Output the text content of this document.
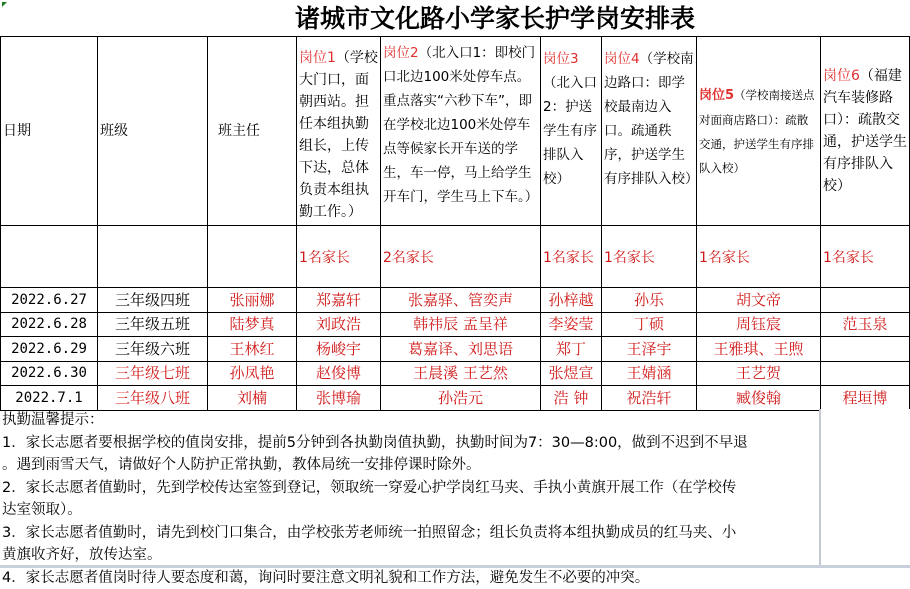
诸城市文化路小学家长护学岗安排表
日期	班级	班主任	岗位1（学校大门口，面朝西站。担任本组执勤组长，上传下达，总体负责本组执勤工作。）	岗位2（北入口1：即校门口北边100米处停车点。重点落实“六秒下车”，即在学校北边100米处停车点等候家长开车送的学生，车一停，马上给学生开车门，学生马上下车。）	岗位3（北入口2：护送学生有序排队入校）	岗位4（学校南边路口：即学校最南边入口。疏通秩序，护送学生有序排队入校）	岗位5（学校南接送点对面商店路口）：疏散交通，护送学生有序排队入校）	岗位6（福建汽车装修路口）：疏散交通，护送学生有序排队入校）
			1名家长	2名家长	1名家长	1名家长	1名家长	1名家长
2022.6.27	三年级四班	张丽娜	郑嘉轩	张嘉驿、管奕声	孙梓越	孙乐	胡文帝	
2022.6.28	三年级五班	陆梦真	刘政浩	韩祎辰 孟呈祥	李姿莹	丁硕	周钰宸	范玉泉
2022.6.29	三年级六班	王林红	杨峻宇	葛嘉译、刘思语	郑丁	王泽宇	王雅琪、王煦	
2022.6.30	三年级七班	孙凤艳	赵俊博	王晨溪 王艺然	张煜宣	王婧涵	王艺贺	
2022.7.1	三年级八班	刘楠	张博瑜	孙浩元	浩 钟	祝浩轩	臧俊翰	程垣博

执勤温馨提示：

1．家长志愿者要根据学校的值岗安排，提前5分钟到各执勤岗值执勤，执勤时间为7：30—8:00，做到不迟到不早退

。遇到雨雪天气，请做好个人防护正常执勤，教体局统一安排停课时除外。

2．家长志愿者值勤时，先到学校传达室签到登记，领取统一穿爱心护学岗红马夹、手执小黄旗开展工作（在学校传

达室领取）。

3．家长志愿者值勤时，请先到校门口集合，由学校张芳老师统一拍照留念；组长负责将本组执勤成员的红马夹、小

黄旗收齐好，放传达室。

4．家长志愿者值岗时待人要态度和蔼，询问时要注意文明礼貌和工作方法，避免发生不必要的冲突。
